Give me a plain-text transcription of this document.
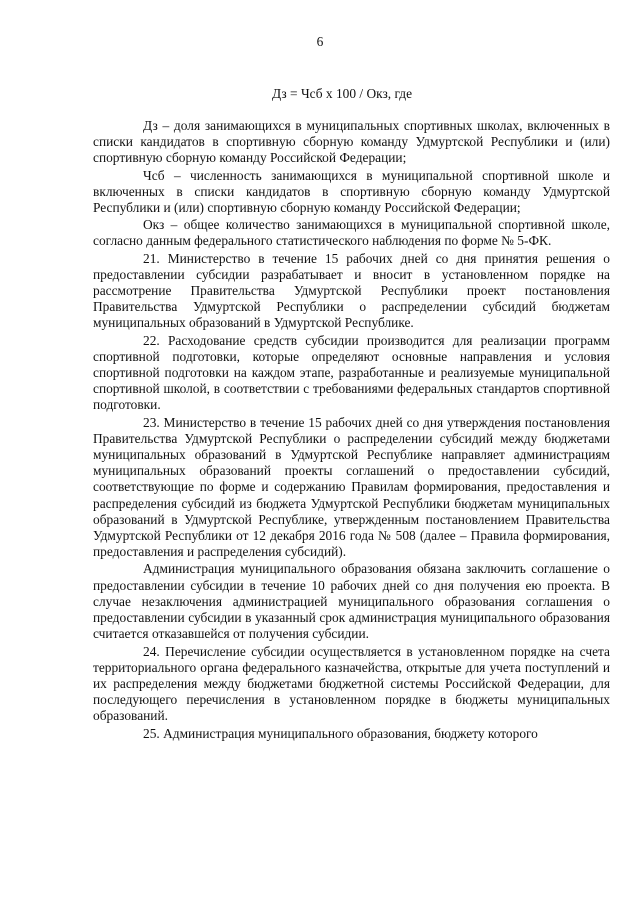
6
Дз = Чсб х 100 / Окз, где

Дз – доля занимающихся в муниципальных спортивных школах, включенных в списки кандидатов в спортивную сборную команду Удмуртской Республики и (или) спортивную сборную команду Российской Федерации;

Чсб – численность занимающихся в муниципальной спортивной школе и включенных в списки кандидатов в спортивную сборную команду Удмуртской Республики и (или) спортивную сборную команду Российской Федерации;

Окз – общее количество занимающихся в муниципальной спортивной школе, согласно данным федерального статистического наблюдения по форме № 5-ФК.

21. Министерство в течение 15 рабочих дней со дня принятия решения о предоставлении субсидии разрабатывает и вносит в установленном порядке на рассмотрение Правительства Удмуртской Республики проект постановления Правительства Удмуртской Республики о распределении субсидий бюджетам муниципальных образований в Удмуртской Республике.

22. Расходование средств субсидии производится для реализации программ спортивной подготовки, которые определяют основные направления и условия спортивной подготовки на каждом этапе, разработанные и реализуемые муниципальной спортивной школой, в соответствии с требованиями федеральных стандартов спортивной подготовки.

23. Министерство в течение 15 рабочих дней со дня утверждения постановления Правительства Удмуртской Республики о распределении субсидий между бюджетами муниципальных образований в Удмуртской Республике направляет администрациям муниципальных образований проекты соглашений о предоставлении субсидий, соответствующие по форме и содержанию Правилам формирования, предоставления и распределения субсидий из бюджета Удмуртской Республики бюджетам муниципальных образований в Удмуртской Республике, утвержденным постановлением Правительства Удмуртской Республики от 12 декабря 2016 года № 508 (далее – Правила формирования, предоставления и распределения субсидий).

Администрация муниципального образования обязана заключить соглашение о предоставлении субсидии в течение 10 рабочих дней со дня получения ею проекта. В случае незаключения администрацией муниципального образования соглашения о предоставлении субсидии в указанный срок администрация муниципального образования считается отказавшейся от получения субсидии.

24. Перечисление субсидии осуществляется в установленном порядке на счета территориального органа федерального казначейства, открытые для учета поступлений и их распределения между бюджетами бюджетной системы Российской Федерации, для последующего перечисления в установленном порядке в бюджеты муниципальных образований.

25. Администрация муниципального образования, бюджету которого
